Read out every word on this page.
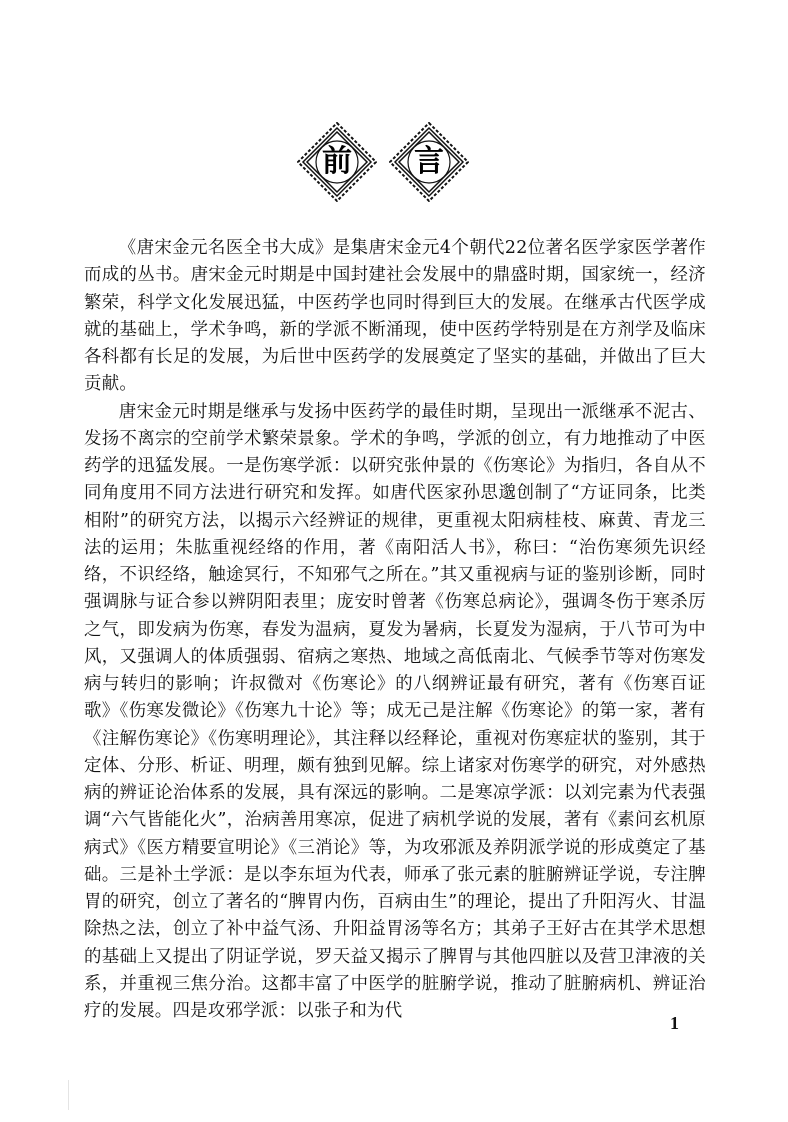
前	言

《唐宋金元名医全书大成》是集唐宋金元4个朝代22位著名医学家医学著作而成的丛书。唐宋金元时期是中国封建社会发展中的鼎盛时期，国家统一，经济繁荣，科学文化发展迅猛，中医药学也同时得到巨大的发展。在继承古代医学成就的基础上，学术争鸣，新的学派不断涌现，使中医药学特别是在方剂学及临床各科都有长足的发展，为后世中医药学的发展奠定了坚实的基础，并做出了巨大贡献。

唐宋金元时期是继承与发扬中医药学的最佳时期，呈现出一派继承不泥古、发扬不离宗的空前学术繁荣景象。学术的争鸣，学派的创立，有力地推动了中医药学的迅猛发展。一是伤寒学派：以研究张仲景的《伤寒论》为指归，各自从不同角度用不同方法进行研究和发挥。如唐代医家孙思邈创制了“方证同条，比类相附”的研究方法，以揭示六经辨证的规律，更重视太阳病桂枝、麻黄、青龙三法的运用；朱肱重视经络的作用，著《南阳活人书》，称曰：“治伤寒须先识经络，不识经络，触途冥行，不知邪气之所在。”其又重视病与证的鉴别诊断，同时强调脉与证合参以辨阴阳表里；庞安时曾著《伤寒总病论》，强调冬伤于寒杀厉之气，即发病为伤寒，春发为温病，夏发为暑病，长夏发为湿病，于八节可为中风，又强调人的体质强弱、宿病之寒热、地域之高低南北、气候季节等对伤寒发病与转归的影响；许叔微对《伤寒论》的八纲辨证最有研究，著有《伤寒百证歌》《伤寒发微论》《伤寒九十论》等；成无己是注解《伤寒论》的第一家，著有《注解伤寒论》《伤寒明理论》，其注释以经释论，重视对伤寒症状的鉴别，其于定体、分形、析证、明理，颇有独到见解。综上诸家对伤寒学的研究，对外感热病的辨证论治体系的发展，具有深远的影响。二是寒凉学派：以刘完素为代表强调“六气皆能化火”，治病善用寒凉，促进了病机学说的发展，著有《素问玄机原病式》《医方精要宣明论》《三消论》等，为攻邪派及养阴派学说的形成奠定了基础。三是补土学派：是以李东垣为代表，师承了张元素的脏腑辨证学说，专注脾胃的研究，创立了著名的“脾胃内伤，百病由生”的理论，提出了升阳泻火、甘温除热之法，创立了补中益气汤、升阳益胃汤等名方；其弟子王好古在其学术思想的基础上又提出了阴证学说，罗天益又揭示了脾胃与其他四脏以及营卫津液的关系，并重视三焦分治。这都丰富了中医学的脏腑学说，推动了脏腑病机、辨证治疗的发展。四是攻邪学派：以张子和为代

1
